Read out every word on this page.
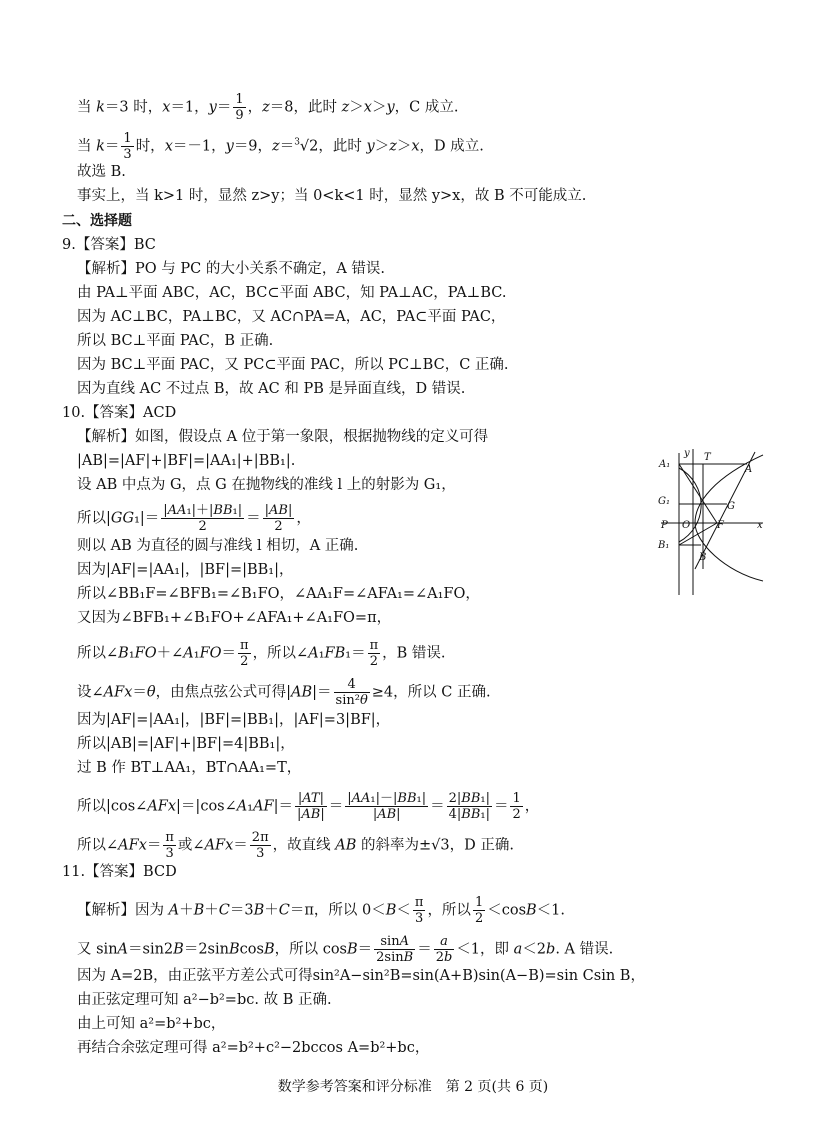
当 k＝3 时，x＝1，$y= \frac{1}{9}$ ，z＝8，此时 z＞x＞y，C 成立.
当 $k= \frac{1}{3}$ 时，x＝－1，y＝9，z＝$^3$√2，此时 y＞z＞x，D 成立.
故选 B.
事实上，当 k>1 时，显然 z>y；当 0<k<1 时，显然 y>x，故 B 不可能成立.
二、选择题
9.【答案】BC
【解析】PO 与 PC 的大小关系不确定，A 错误.
由 PA⊥平面 ABC，AC，BC⊂平面 ABC，知 PA⊥AC，PA⊥BC.
因为 AC⊥BC，PA⊥BC，又 AC∩PA=A，AC，PA⊂平面 PAC，
所以 BC⊥平面 PAC，B 正确.
因为 BC⊥平面 PAC，又 PC⊂平面 PAC，所以 PC⊥BC，C 正确.
因为直线 AC 不过点 B，故 AC 和 PB 是异面直线，D 错误.
10.【答案】ACD
【解析】如图，假设点 A 位于第一象限，根据抛物线的定义可得
|AB|=|AF|+|BF|=|AA₁|+|BB₁|.
设 AB 中点为 G，点 G 在抛物线的准线 l 上的射影为 G₁，
所以$|GG_1|= \frac{\text{|AA₁|＋|BB₁|}}{2} = \frac{|AB|}{2}$ ，
则以 AB 为直径的圆与准线 l 相切，A 正确.
因为|AF|=|AA₁|，|BF|=|BB₁|，
所以∠BB₁F=∠BFB₁=∠B₁FO，∠AA₁F=∠AFA₁=∠A₁FO，
又因为∠BFB₁+∠B₁FO+∠AFA₁+∠A₁FO=π，
所以∠B₁FO＋∠A₁FO＝ $\frac{\pi}{2}$ ，所以∠A₁FB₁＝ $\frac{\pi}{2}$ ，B 错误.
设∠AFx＝θ，由焦点弦公式可得$|AB|= \frac{4}{\text{sin²θ}} \ge 4$，所以 C 正确.
因为|AF|=|AA₁|，|BF|=|BB₁|，|AF|=3|BF|，
所以|AB|=|AF|+|BF|=4|BB₁|，
过 B 作 BT⊥AA₁，BT∩AA₁=T，
所以|cos∠AFx|＝|cos∠A₁AF|＝ $\frac{|AT|}{|AB|} = \frac{\text{|AA₁|－|BB₁|}}{|AB|} = \frac{\text{2|BB₁|}}{\text{4|BB₁|}} = \frac{1}{2}$ ，
所以∠AFx＝ $\frac{\pi}{3}$ 或∠AFx＝ $\frac{2\pi}{3}$ ，故直线 AB 的斜率为±√3，D 正确.
11.【答案】BCD
【解析】因为 A＋B＋C＝3B＋C＝π，所以 $0<B< \frac{\pi}{3}$ ，所以 $\frac{1}{2} <\cos B<1$.
又 sinA＝sin2B＝2sinBcosB，所以 $\cos B= \frac{\sin A}{2\sin B} = \frac{a}{2b} <1$，即 a＜2b. A 错误.
因为 A=2B，由正弦平方差公式可得sin²A−sin²B=sin(A+B)sin(A−B)=sin Csin B，
由正弦定理可知 a²−b²=bc. 故 B 正确.
由上可知 a²=b²+bc，
再结合余弦定理可得 a²=b²+c²−2bccos A=b²+bc，
A₁
y T
A
G₁	G
P O	F	x
B₁
B
数学参考答案和评分标准　第 2 页(共 6 页)
